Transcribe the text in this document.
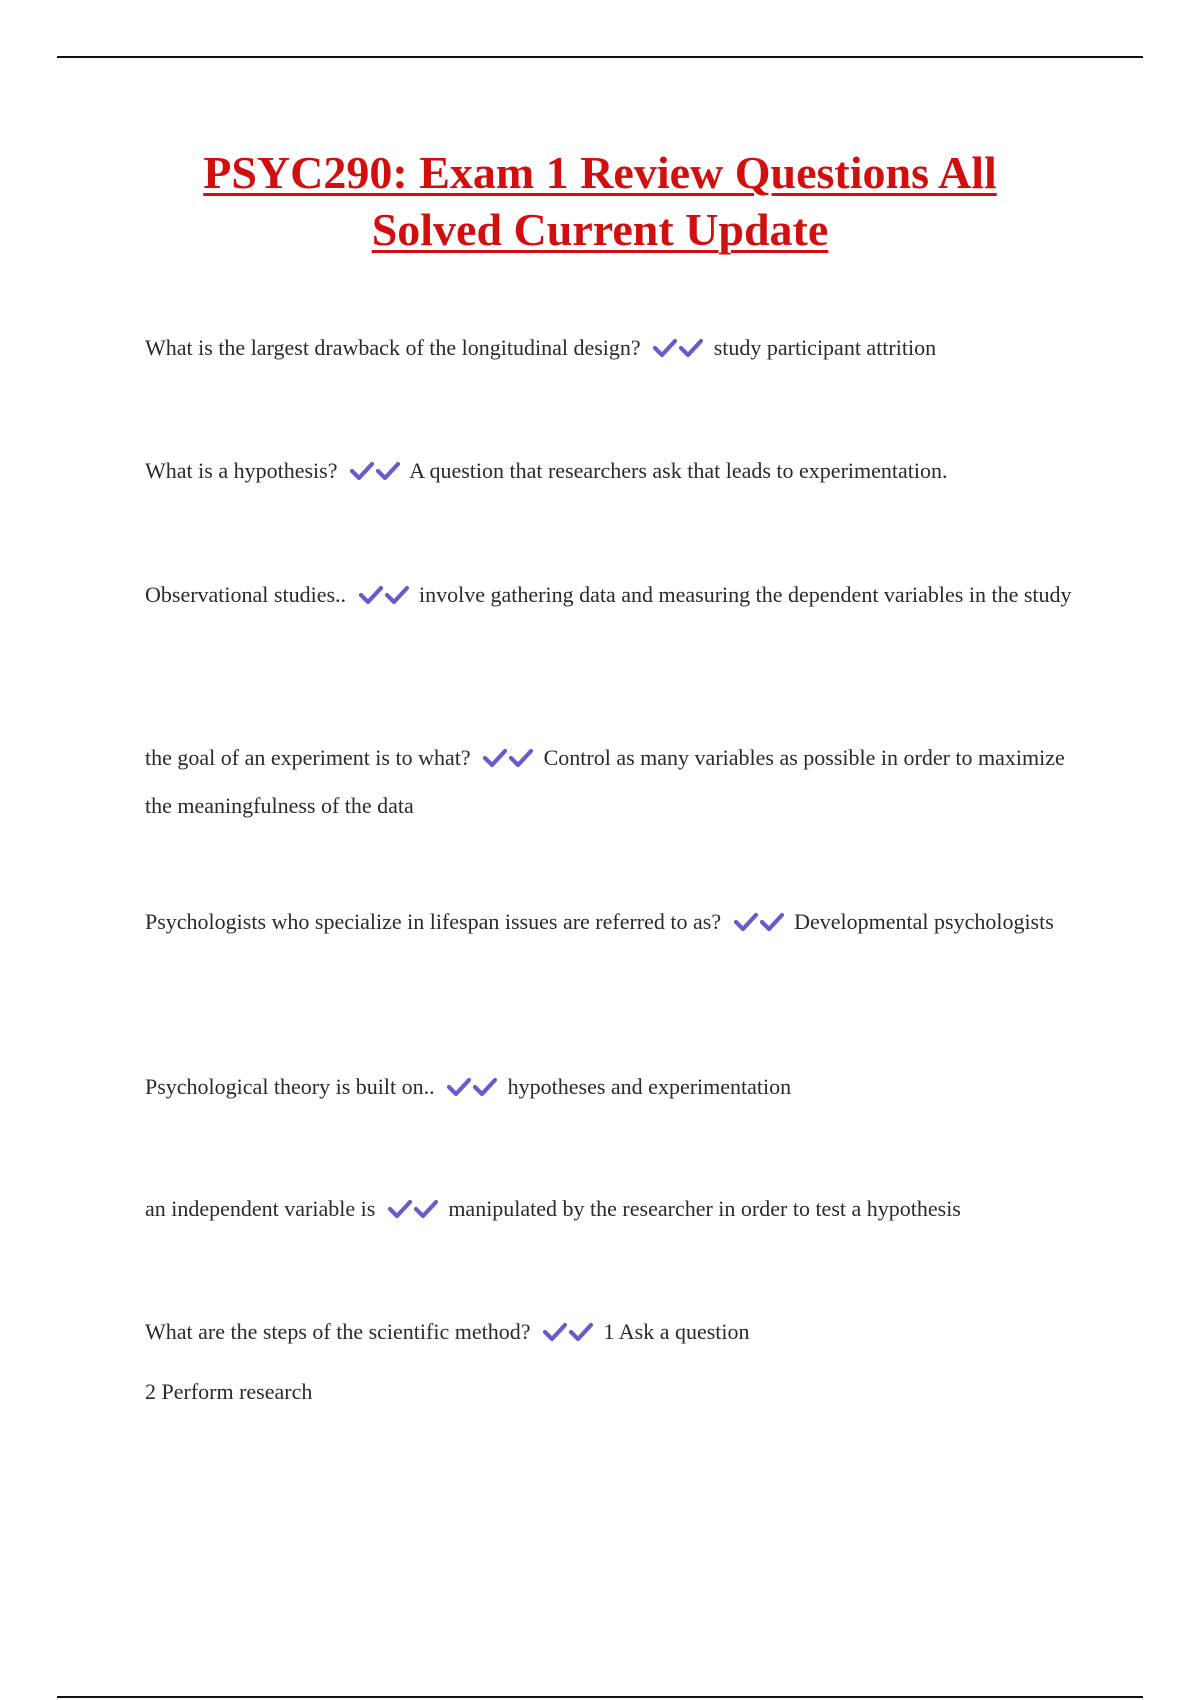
PSYC290: Exam 1 Review Questions All
Solved Current Update
What is the largest drawback of the longitudinal design?	study participant attrition
What is a hypothesis?	A question that researchers ask that leads to experimentation.
Observational studies..	involve gathering data and measuring the dependent variables in the study
the goal of an experiment is to what?	Control as many variables as possible in order to maximize the meaningfulness of the data
Psychologists who specialize in lifespan issues are referred to as?	Developmental psychologists
Psychological theory is built on..	hypotheses and experimentation
an independent variable is	manipulated by the researcher in order to test a hypothesis
What are the steps of the scientific method?	1 Ask a question
2 Perform research
